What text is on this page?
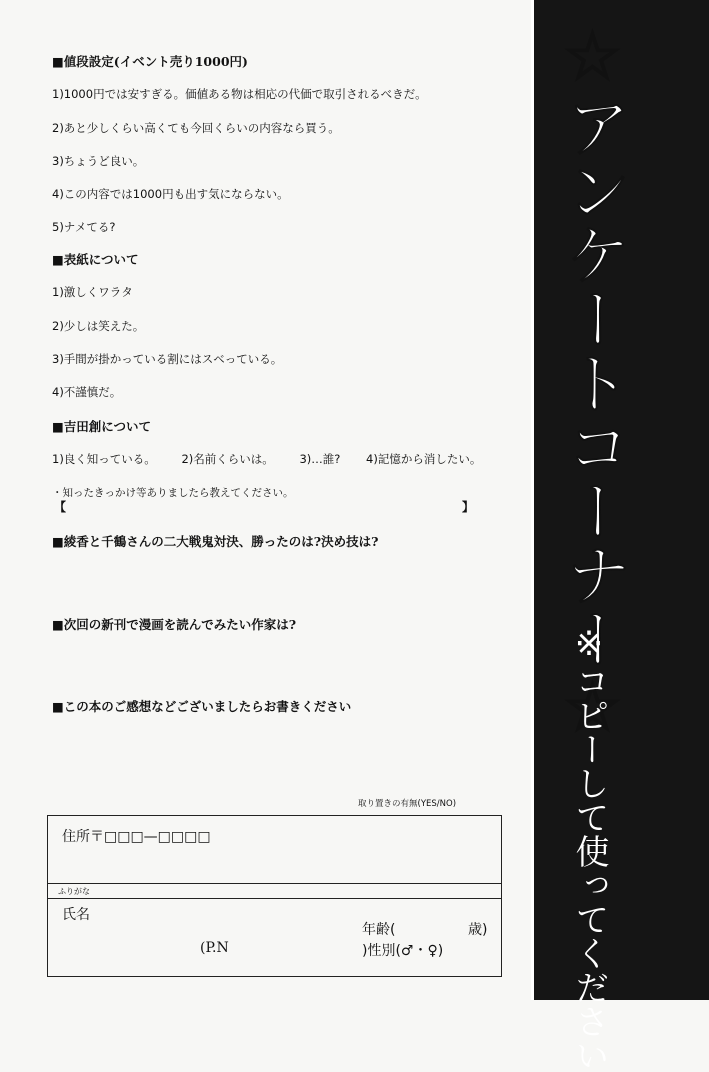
■値段設定(イベント売り1000円)
1)1000円では安すぎる。価値ある物は相応の代価で取引されるべきだ。
2)あと少しくらい高くても今回くらいの内容なら買う。
3)ちょうど良い。
4)この内容では1000円も出す気にならない。
5)ナメてる?
■表紙について
1)激しくワラタ
2)少しは笑えた。
3)手間が掛かっている割にはスベっている。
4)不謹慎だ。
■吉田創について
1)良く知っている。 2)名前くらいは。 3)…誰? 4)記憶から消したい。
・知ったきっかけ等ありましたら教えてください。
【	】
■綾香と千鶴さんの二大戦鬼対決、勝ったのは?決め技は?
■次回の新刊で漫画を読んでみたい作家は?
■この本のご感想などございましたらお書きください
取り置きの有無(YES/NO)
住所〒□□□—□□□□
ふりがな
氏名
年齢(	歳)
(P.N	)性別(♂・♀)
☆アンケートコーナー☆
※コピーして使ってください
